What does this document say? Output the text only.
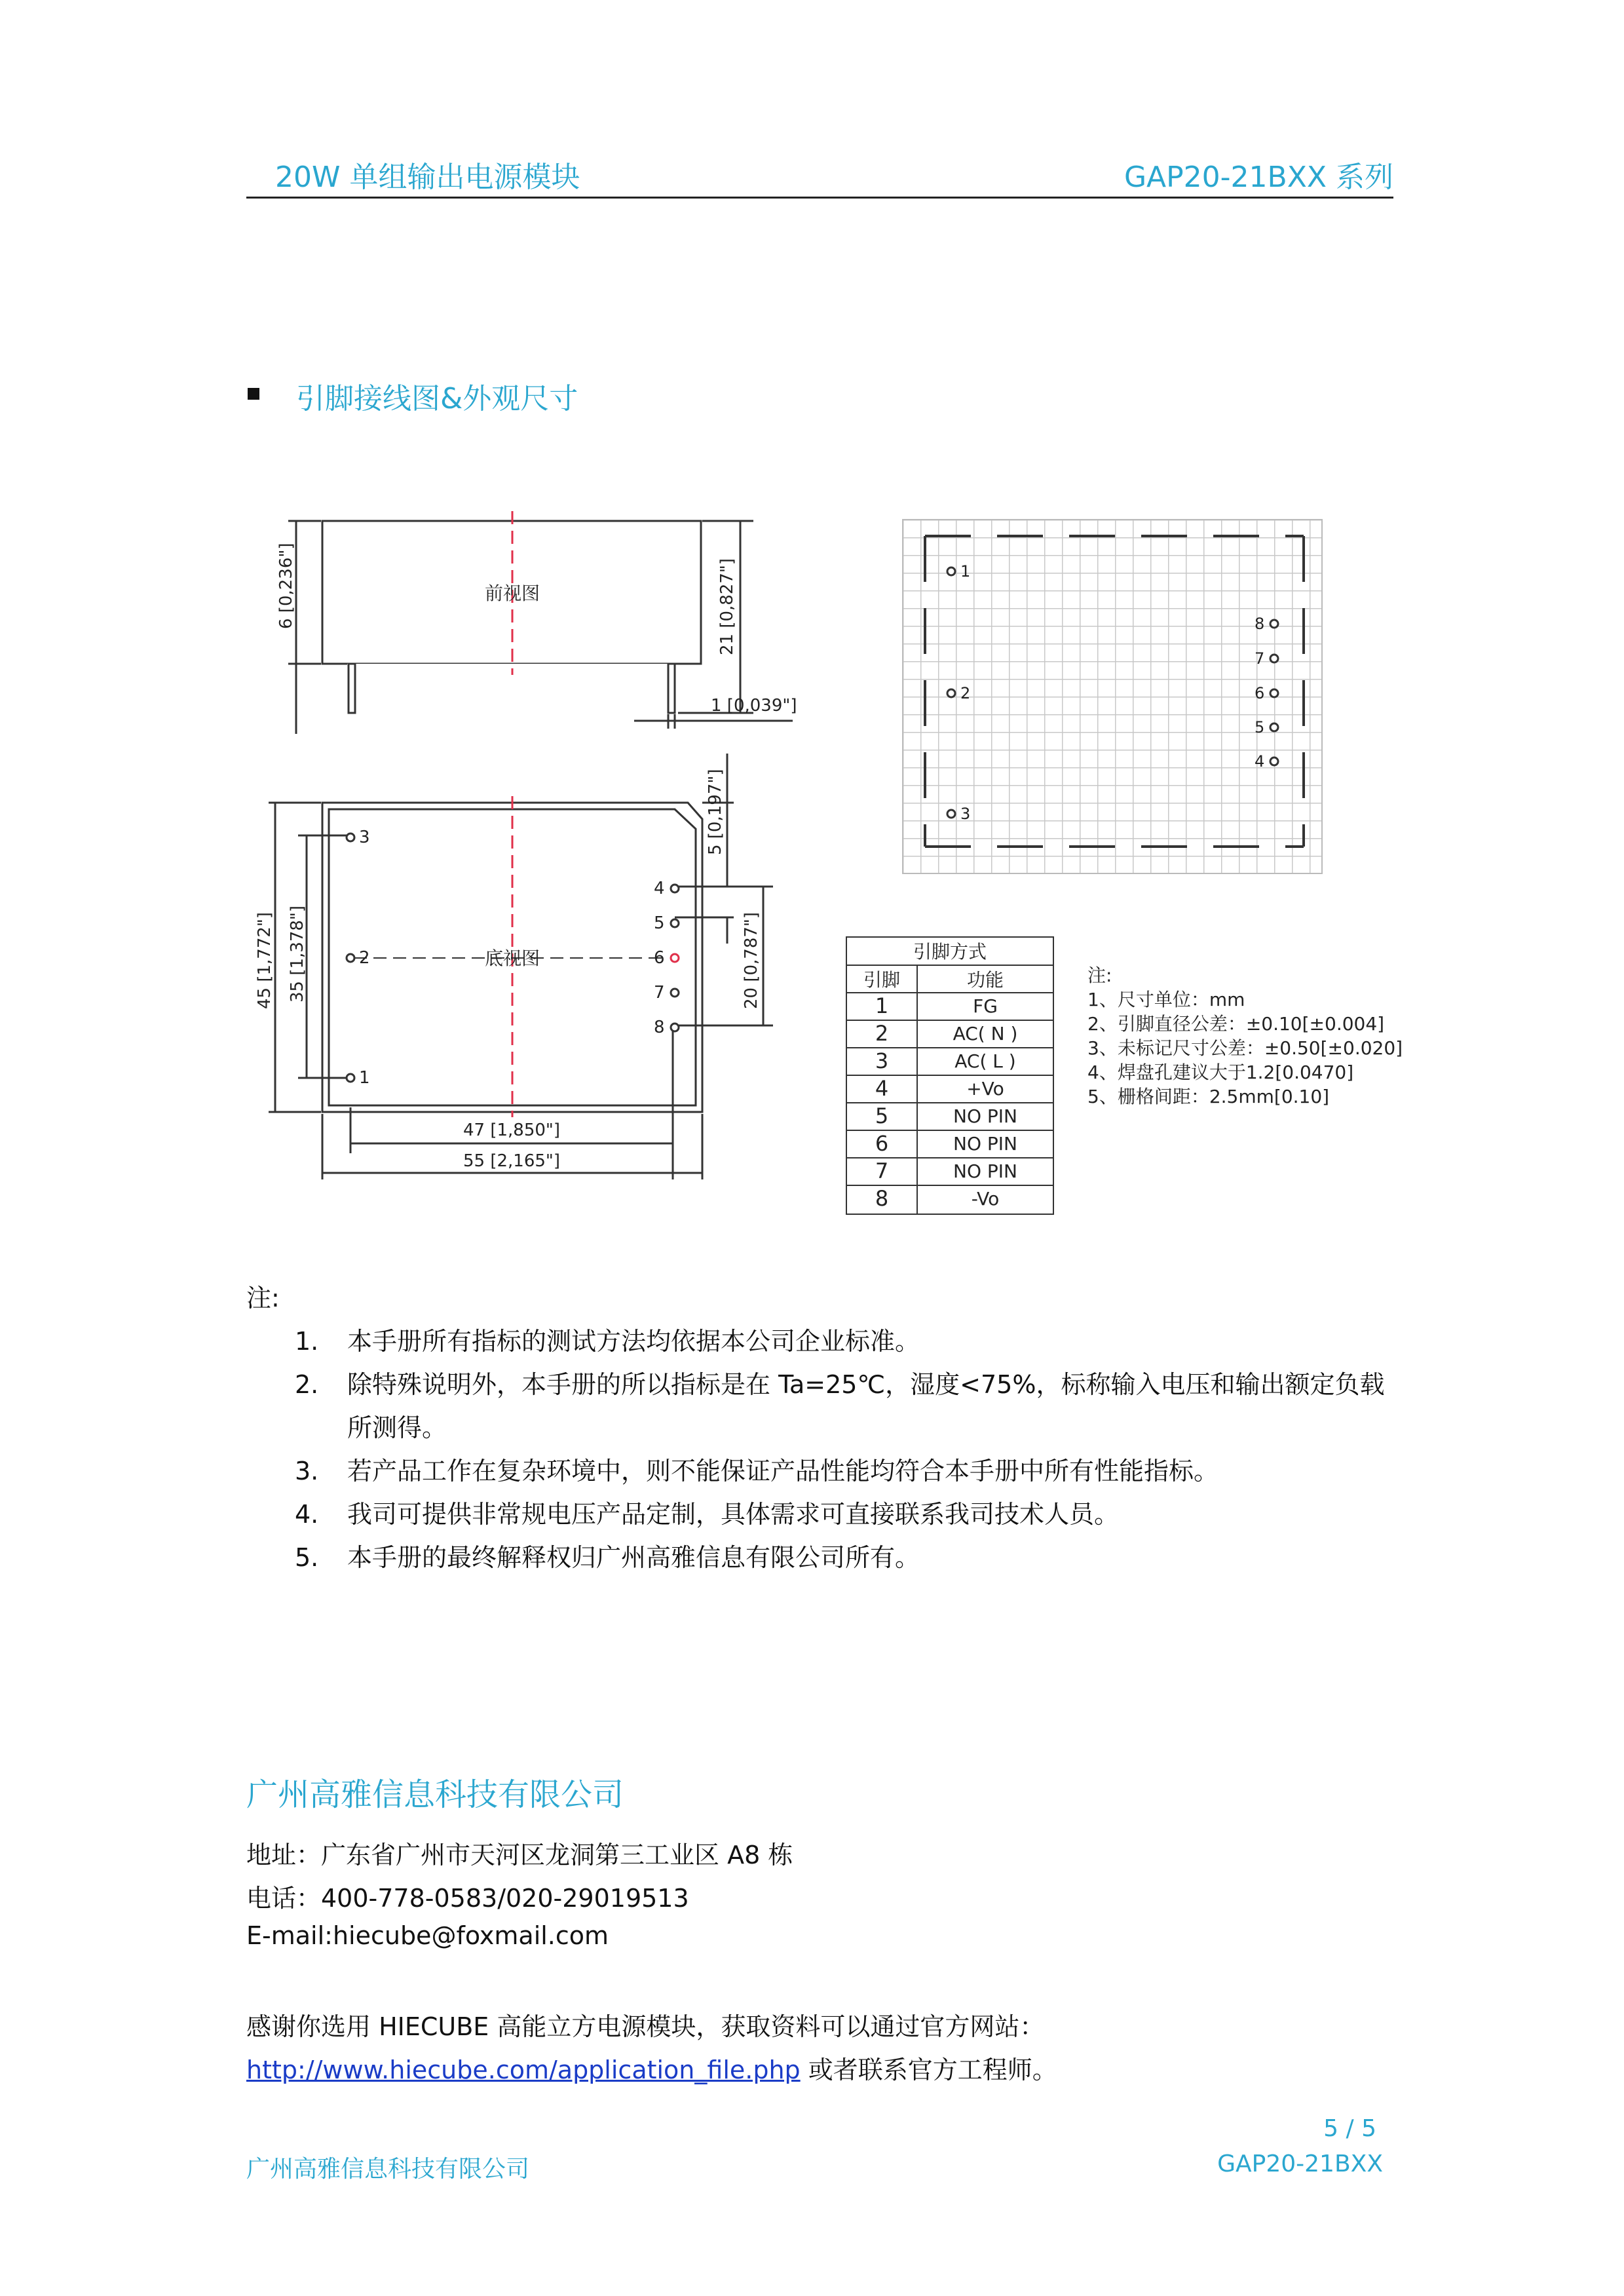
20W 单组输出电源模块	GAP20-21BXX 系列
引脚接线图&外观尺寸
前视图
底视图
6 [0,236"]	21 [0,827"]
1 [0,039"]
5 [0,197"]
20 [0,787"]
45 [1,772"] 35 [1,378"]
47 [1,850"]
55 [2,165"]
3
2
1
4
5
6
7
8
1
2
3
8
7
6
5
4
引脚方式
引脚	功能
1	FG
2	AC( N )
3	AC( L )
4	+Vo
5	NO PIN
6	NO PIN
7	NO PIN
8	-Vo
注:
1、尺寸单位：mm
2、引脚直径公差：±0.10[±0.004]
3、未标记尺寸公差：±0.50[±0.020]
4、焊盘孔建议大于1.2[0.0470]
5、栅格间距：2.5mm[0.10]
注:
1. 本手册所有指标的测试方法均依据本公司企业标准。
2. 除特殊说明外，本手册的所以指标是在 Ta=25℃，湿度<75%，标称输入电压和输出额定负载所测得。
3. 若产品工作在复杂环境中，则不能保证产品性能均符合本手册中所有性能指标。
4. 我司可提供非常规电压产品定制，具体需求可直接联系我司技术人员。
5. 本手册的最终解释权归广州高雅信息有限公司所有。
广州高雅信息科技有限公司
地址：广东省广州市天河区龙洞第三工业区 A8 栋
电话：400-778-0583/020-29019513
E-mail:hiecube@foxmail.com
感谢你选用 HIECUBE 高能立方电源模块，获取资料可以通过官方网站：
http://www.hiecube.com/application_file.php 或者联系官方工程师。
5 / 5
广州高雅信息科技有限公司	GAP20-21BXX
